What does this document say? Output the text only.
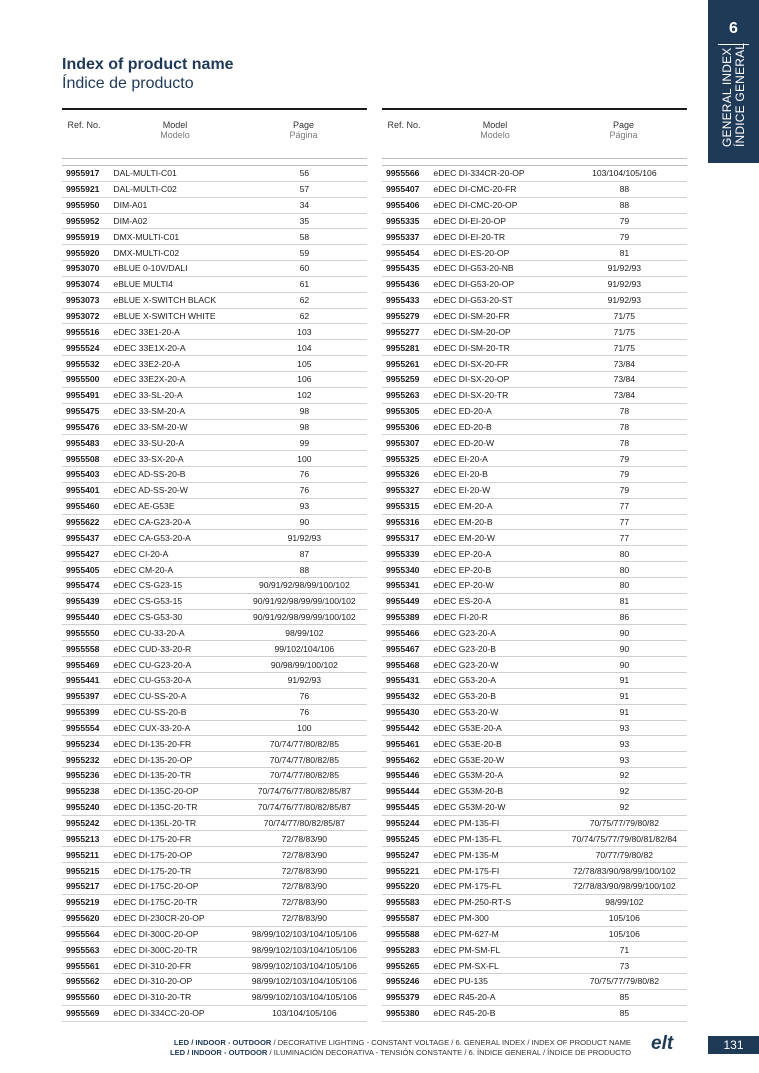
6
GENERAL INDEX ÍNDICE GENERAL
Index of product name
Índice de producto
Ref. No.	Model
Modelo
Page
Página
9955917	DAL-MULTI-C01	56
9955921	DAL-MULTI-C02	57
9955950	DIM-A01	34
9955952	DIM-A02	35
9955919	DMX-MULTI-C01	58
9955920	DMX-MULTI-C02	59
9953070	eBLUE 0-10V/DALI	60
9953074	eBLUE MULTI4	61
9953073	eBLUE X-SWITCH BLACK	62
9953072	eBLUE X-SWITCH WHITE	62
9955516	eDEC 33E1-20-A	103
9955524	eDEC 33E1X-20-A	104
9955532	eDEC 33E2-20-A	105
9955500	eDEC 33E2X-20-A	106
9955491	eDEC 33-SL-20-A	102
9955475	eDEC 33-SM-20-A	98
9955476	eDEC 33-SM-20-W	98
9955483	eDEC 33-SU-20-A	99
9955508	eDEC 33-SX-20-A	100
9955403	eDEC AD-SS-20-B	76
9955401	eDEC AD-SS-20-W	76
9955460	eDEC AE-G53E	93
9955622	eDEC CA-G23-20-A	90
9955437	eDEC CA-G53-20-A	91/92/93
9955427	eDEC CI-20-A	87
9955405	eDEC CM-20-A	88
9955474	eDEC CS-G23-15	90/91/92/98/99/100/102
9955439	eDEC CS-G53-15	90/91/92/98/99/99/100/102
9955440	eDEC CS-G53-30	90/91/92/98/99/99/100/102
9955550	eDEC CU-33-20-A	98/99/102
9955558	eDEC CUD-33-20-R	99/102/104/106
9955469	eDEC CU-G23-20-A	90/98/99/100/102
9955441	eDEC CU-G53-20-A	91/92/93
9955397	eDEC CU-SS-20-A	76
9955399	eDEC CU-SS-20-B	76
9955554	eDEC CUX-33-20-A	100
9955234	eDEC DI-135-20-FR	70/74/77/80/82/85
9955232	eDEC DI-135-20-OP	70/74/77/80/82/85
9955236	eDEC DI-135-20-TR	70/74/77/80/82/85
9955238	eDEC DI-135C-20-OP	70/74/76/77/80/82/85/87
9955240	eDEC DI-135C-20-TR	70/74/76/77/80/82/85/87
9955242	eDEC DI-135L-20-TR	70/74/77/80/82/85/87
9955213	eDEC DI-175-20-FR	72/78/83/90
9955211	eDEC DI-175-20-OP	72/78/83/90
9955215	eDEC DI-175-20-TR	72/78/83/90
9955217	eDEC DI-175C-20-OP	72/78/83/90
9955219	eDEC DI-175C-20-TR	72/78/83/90
9955620	eDEC DI-230CR-20-OP	72/78/83/90
9955564	eDEC DI-300C-20-OP	98/99/102/103/104/105/106
9955563	eDEC DI-300C-20-TR	98/99/102/103/104/105/106
9955561	eDEC DI-310-20-FR	98/99/102/103/104/105/106
9955562	eDEC DI-310-20-OP	98/99/102/103/104/105/106
9955560	eDEC DI-310-20-TR	98/99/102/103/104/105/106
9955569	eDEC DI-334CC-20-OP	103/104/105/106
Ref. No.	Model
Modelo
Page
Página
9955566	eDEC DI-334CR-20-OP	103/104/105/106
9955407	eDEC DI-CMC-20-FR	88
9955406	eDEC DI-CMC-20-OP	88
9955335	eDEC DI-EI-20-OP	79
9955337	eDEC DI-EI-20-TR	79
9955454	eDEC DI-ES-20-OP	81
9955435	eDEC DI-G53-20-NB	91/92/93
9955436	eDEC DI-G53-20-OP	91/92/93
9955433	eDEC DI-G53-20-ST	91/92/93
9955279	eDEC DI-SM-20-FR	71/75
9955277	eDEC DI-SM-20-OP	71/75
9955281	eDEC DI-SM-20-TR	71/75
9955261	eDEC DI-SX-20-FR	73/84
9955259	eDEC DI-SX-20-OP	73/84
9955263	eDEC DI-SX-20-TR	73/84
9955305	eDEC ED-20-A	78
9955306	eDEC ED-20-B	78
9955307	eDEC ED-20-W	78
9955325	eDEC EI-20-A	79
9955326	eDEC EI-20-B	79
9955327	eDEC EI-20-W	79
9955315	eDEC EM-20-A	77
9955316	eDEC EM-20-B	77
9955317	eDEC EM-20-W	77
9955339	eDEC EP-20-A	80
9955340	eDEC EP-20-B	80
9955341	eDEC EP-20-W	80
9955449	eDEC ES-20-A	81
9955389	eDEC FI-20-R	86
9955466	eDEC G23-20-A	90
9955467	eDEC G23-20-B	90
9955468	eDEC G23-20-W	90
9955431	eDEC G53-20-A	91
9955432	eDEC G53-20-B	91
9955430	eDEC G53-20-W	91
9955442	eDEC G53E-20-A	93
9955461	eDEC G53E-20-B	93
9955462	eDEC G53E-20-W	93
9955446	eDEC G53M-20-A	92
9955444	eDEC G53M-20-B	92
9955445	eDEC G53M-20-W	92
9955244	eDEC PM-135-FI	70/75/77/79/80/82
9955245	eDEC PM-135-FL	70/74/75/77/79/80/81/82/84
9955247	eDEC PM-135-M	70/77/79/80/82
9955221	eDEC PM-175-FI	72/78/83/90/98/99/100/102
9955220	eDEC PM-175-FL	72/78/83/90/98/99/100/102
9955583	eDEC PM-250-RT-S	98/99/102
9955587	eDEC PM-300	105/106
9955588	eDEC PM-627-M	105/106
9955283	eDEC PM-SM-FL	71
9955265	eDEC PM-SX-FL	73
9955246	eDEC PU-135	70/75/77/79/80/82
9955379	eDEC R45-20-A	85
9955380	eDEC R45-20-B	85
LED / INDOOR - OUTDOOR / DECORATIVE LIGHTING - CONSTANT VOLTAGE / 6. GENERAL INDEX / INDEX OF PRODUCT NAME
LED / INDOOR - OUTDOOR / ILUMINACIÓN DECORATIVA - TENSIÓN CONSTANTE / 6. ÍNDICE GENERAL / ÍNDICE DE PRODUCTO elt	131
